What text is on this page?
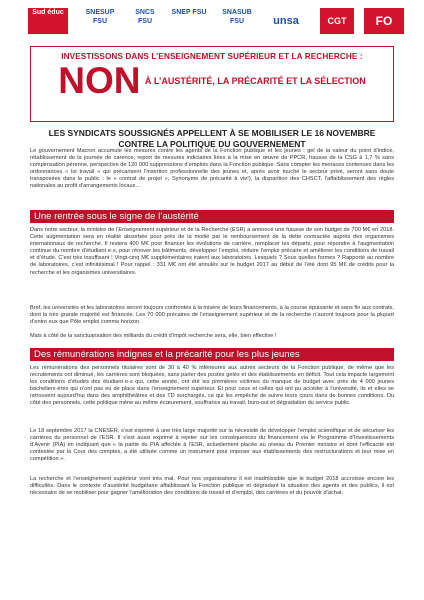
Sud éduc	SNESUP FSU
SNCS FSU
SNEP FSU	SNASUB FSU	unsa	CGT	FO
INVESTISSONS DANS L’ENSEIGNEMENT SUPÉRIEUR ET LA RECHERCHE :
NON À L’AUSTÉRITÉ, LA PRÉCARITÉ ET LA SÉLECTION
LES SYNDICATS SOUSSIGNÉS APPELLENT À SE MOBILISER LE 16 NOVEMBRE
CONTRE LA POLITIQUE DU GOUVERNEMENT

Le gouvernement Macron accumule les mesures contre les agents de la Fonction publique et les jeunes : gel de la valeur du point d’indice, rétablissement de la journée de carence, report de mesures indiciaires liées à la mise en œuvre de PPCR, hausse de la CSG à 1,7 % sans compensation pérenne, perspective de 120 000 suppressions d’emplois dans la Fonction publique. Sans compter les menaces contenues dans les ordonnances « loi travail » qui précarisent l’insertion professionnelle des jeunes et, après avoir touché le secteur privé, seront sans doute transposées dans le public : le « contrat de projet », Synonyme de précarité à vie!), la disparition des CHSCT, l’affaiblissement des règles nationales au profit d’arrangements locaux…

Une rentrée sous le signe de l’austérité

Dans notre secteur, la ministre de l’Enseignement supérieur et de la Recherche (ESR) a annoncé une hausse de son budget de 700 M€ en 2018. Cette augmentation sera en réalité absorbée pour près de la moitié par le remboursement de la dette contractée auprès des organismes internationaux de recherche. Il restera 400 M€ pour financer les évolutions de carrière, remplacer les départs, pour répondre à l’augmentation continue du nombre d’étudiant·e·s, pour rénover les bâtiments, développer l’emploi, réduire l’emploi précaire et améliorer les conditions de travail et d’étude. C’est très insuffisant ! Vingt-cinq M€ supplémentaires iraient aux laboratoires. Lesquels ? Sous quelles formes ? Rapporté au nombre de laboratoires, c’est infinitésimal ! Pour rappel : 331 M€ ont été annulés sur le budget 2017 au début de l’été dont 95 M€ de crédits pour la recherche et les organismes universitaires.

Bref, les universités et les laboratoires seront toujours confrontés à la misère de leurs financements, à la course épuisante et sans fin aux contrats, dont la très grande majorité est financée. Les 70 000 précaires de l’enseignement supérieur et de la recherche n’auront toujours pour la plupart d’entre eux que Pôle emploi comme horizon.

Mais à côté de la sanctuarisation des milliards du crédit d’impôt recherche sera, elle, bien effective !

Des rémunérations indignes et la précarité pour les plus jeunes

Les rémunérations des personnels titulaires sont de 30 à 40 % inférieures aux autres secteurs de la Fonction publique, de même que les recrutements ont diminué, les carrières sont bloquées, sans parler des postes gelés et des établissements en déficit. Tout cela impacte largement les conditions d’études des étudiant·e·s qui, cette année, ont été les premières victimes du manque de budget avec près de 4 000 jeunes bacheliers·ères qui n’ont pas eu de place dans l’enseignement supérieur. Et pour ceux et celles qui ont pu accéder à l’université, ils et elles se retrouvent aujourd’hui dans des amphithéâtres et des TD surchargés, ce qui les empêche de suivre leurs cours dans de bonnes conditions. Du côté des personnels, cette politique mène au même écœurement, souffrance au travail, burn-out et dégradation du service public.

Le 18 septembre 2017 la CNESER, s’est exprimé à une très large majorité sur la nécessité de développer l’emploi scientifique et de sécuriser les carrières du personnel de l’ESR. Il s’est aussi exprimé à rejeter sur les conséquences du financement via le Programme d’Investissements d’Avenir (PIA) en indiquant que « la partie du PIA affectée à l’ESR, actuellement placée au niveau du Premier ministre et dont l’efficacité est contestée par la Cour des comptes, a été utilisée comme un instrument pour imposer aux établissements des restructurations et leur mise en compétition ».

La recherche et l’enseignement supérieur vont très mal. Pour nos organisations il est inadmissible que le budget 2018 accroisse encore les difficultés. Dans le contexte d’austérité budgétaire affaiblissant la Fonction publique et dégradant la situation des agents et des publics, il est nécessaire de se mobiliser pour gagner l’amélioration des conditions de travail et d’emploi, des carrières et du pouvoir d’achat.
